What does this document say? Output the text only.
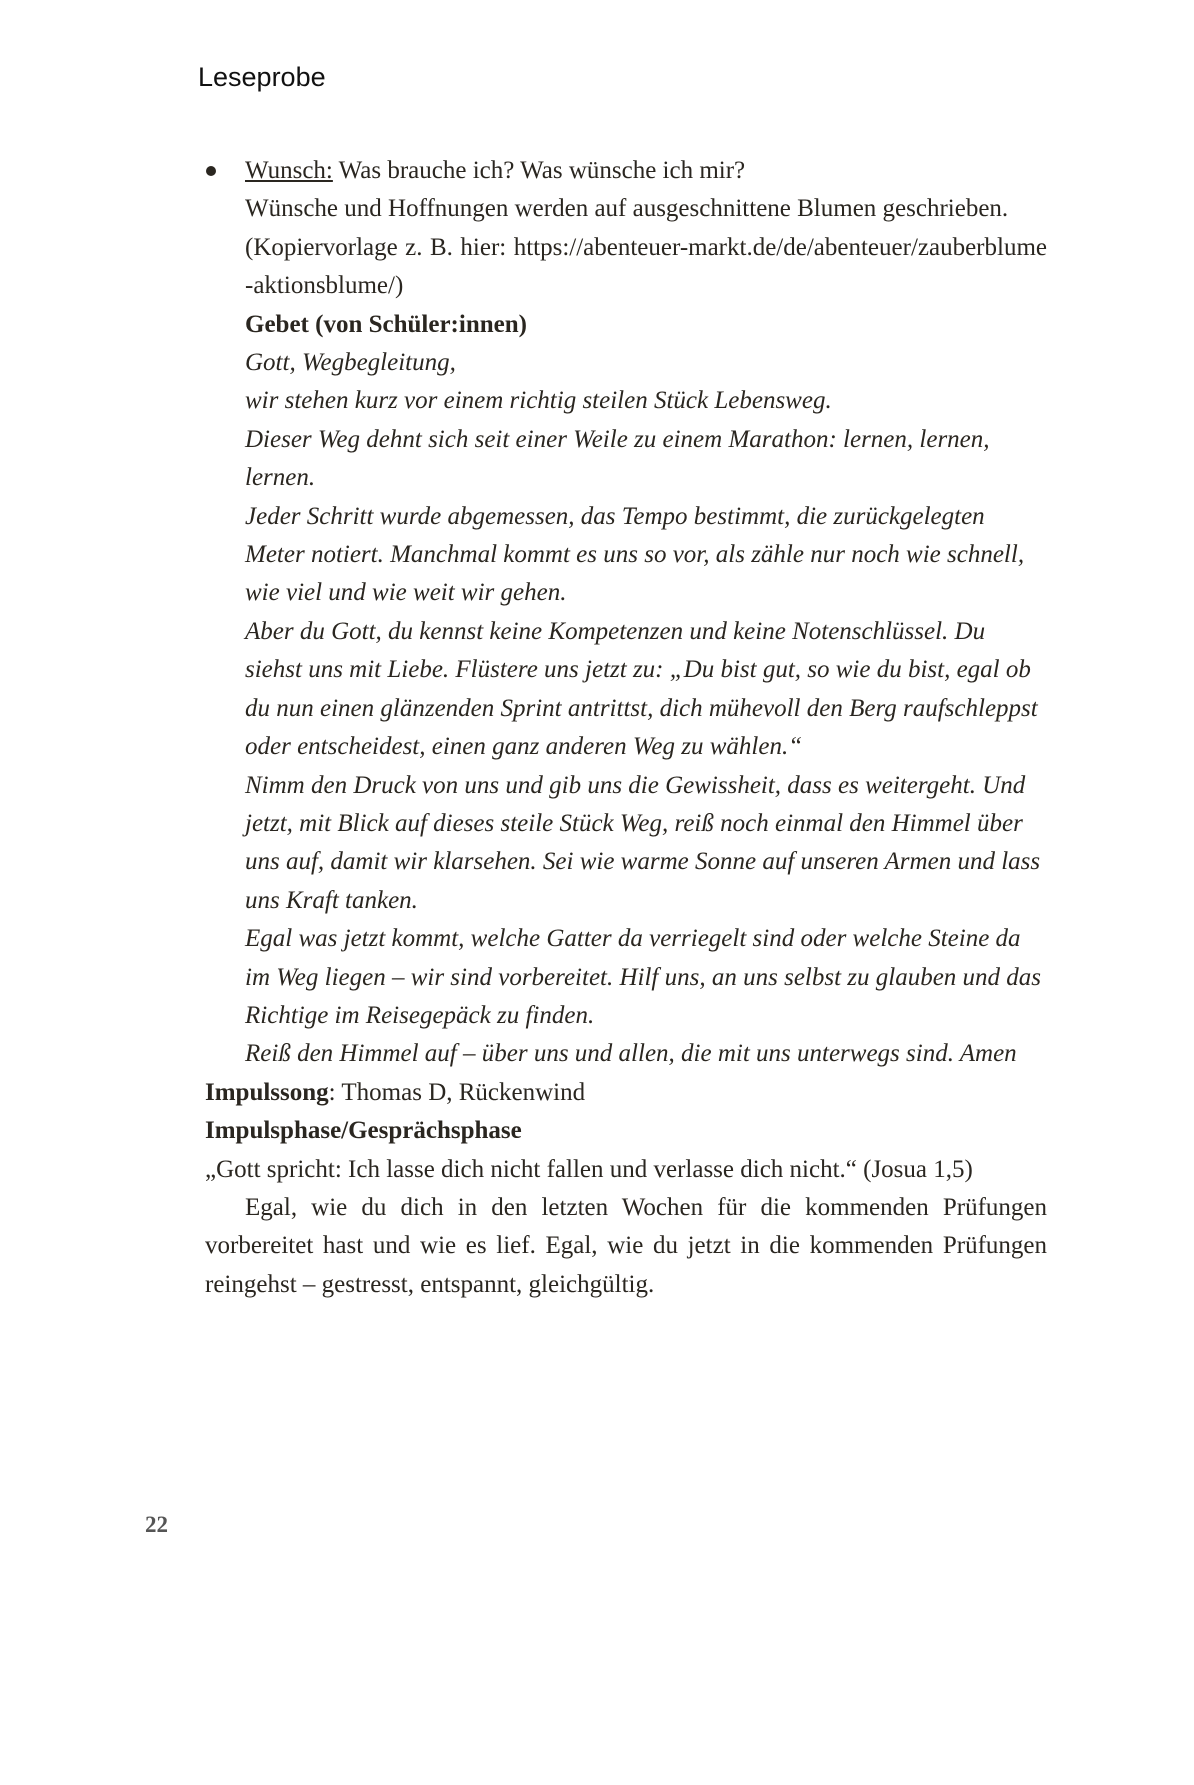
Leseprobe
Wunsch: Was brauche ich? Was wünsche ich mir?
Wünsche und Hoffnungen werden auf ausgeschnittene Blumen geschrieben.
(Kopiervorlage z. B. hier: https://abenteuer-markt.de/de/abenteuer/zauberblume-aktionsblume/)
Gebet (von Schüler:innen)
Gott, Wegbegleitung,
wir stehen kurz vor einem richtig steilen Stück Lebensweg.
Dieser Weg dehnt sich seit einer Weile zu einem Marathon: lernen, lernen, lernen.
Jeder Schritt wurde abgemessen, das Tempo bestimmt, die zurückgelegten Meter notiert. Manchmal kommt es uns so vor, als zähle nur noch wie schnell, wie viel und wie weit wir gehen.
Aber du Gott, du kennst keine Kompetenzen und keine Notenschlüssel. Du siehst uns mit Liebe. Flüstere uns jetzt zu: „Du bist gut, so wie du bist, egal ob du nun einen glänzenden Sprint antrittst, dich mühevoll den Berg raufschleppst oder entscheidest, einen ganz anderen Weg zu wählen.“
Nimm den Druck von uns und gib uns die Gewissheit, dass es weitergeht. Und jetzt, mit Blick auf dieses steile Stück Weg, reiß noch einmal den Himmel über uns auf, damit wir klarsehen. Sei wie warme Sonne auf unseren Armen und lass uns Kraft tanken.
Egal was jetzt kommt, welche Gatter da verriegelt sind oder welche Steine da im Weg liegen – wir sind vorbereitet. Hilf uns, an uns selbst zu glauben und das Richtige im Reisegepäck zu finden.
Reiß den Himmel auf – über uns und allen, die mit uns unterwegs sind. Amen
Impulssong: Thomas D, Rückenwind
Impulsphase/Gesprächsphase
„Gott spricht: Ich lasse dich nicht fallen und verlasse dich nicht.“ (Josua 1,5)
Egal, wie du dich in den letzten Wochen für die kommenden Prüfungen vorbereitet hast und wie es lief. Egal, wie du jetzt in die kommenden Prüfungen reingehst – gestresst, entspannt, gleichgültig.
22
